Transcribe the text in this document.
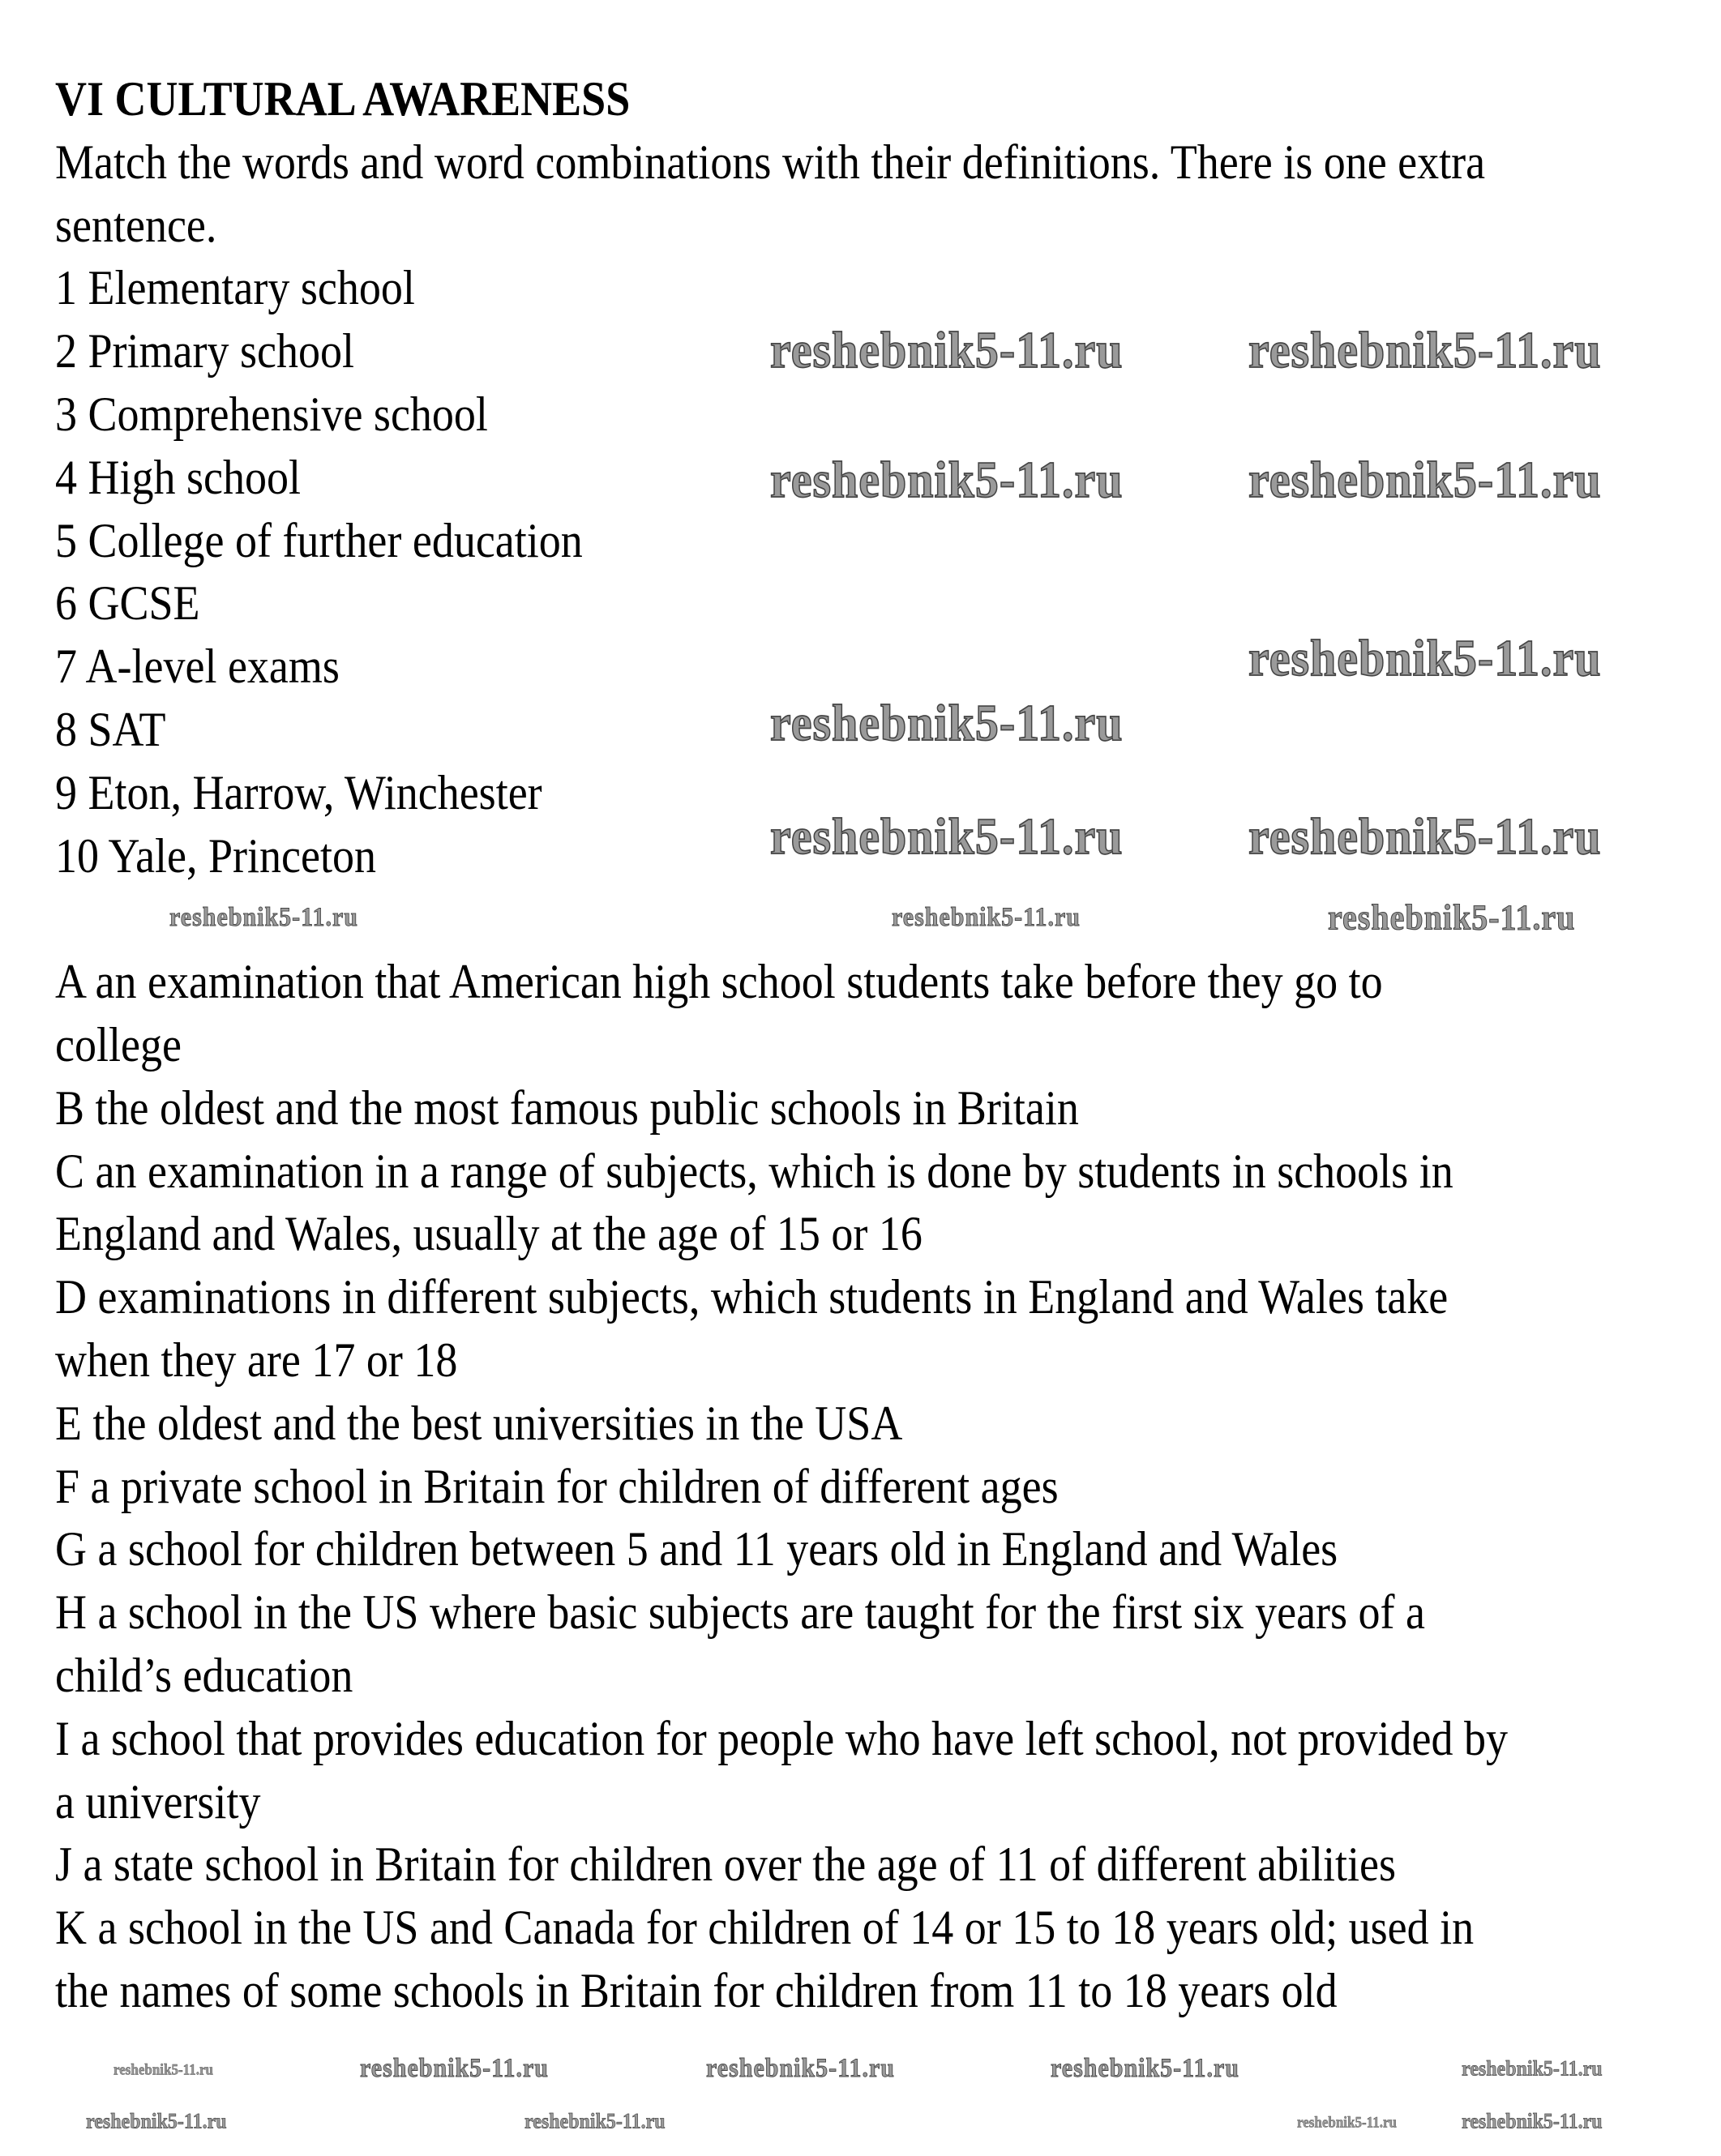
VI CULTURAL AWARENESS
Match the words and word combinations with their definitions. There is one extra
sentence.
1 Elementary school
2 Primary school
3 Comprehensive school
4 High school
5 College of further education
6 GCSE
7 A-level exams
8 SAT
9 Eton, Harrow, Winchester
10 Yale, Princeton
A an examination that American high school students take before they go to
college
B the oldest and the most famous public schools in Britain
C an examination in a range of subjects, which is done by students in schools in
England and Wales, usually at the age of 15 or 16
D examinations in different subjects, which students in England and Wales take
when they are 17 or 18
E the oldest and the best universities in the USA
F a private school in Britain for children of different ages
G a school for children between 5 and 11 years old in England and Wales
H a school in the US where basic subjects are taught for the first six years of a
child’s education
I a school that provides education for people who have left school, not provided by
a university
J a state school in Britain for children over the age of 11 of different abilities
K a school in the US and Canada for children of 14 or 15 to 18 years old; used in
the names of some schools in Britain for children from 11 to 18 years old
reshebnik5-11.ru	reshebnik5-11.ru
reshebnik5-11.ru	reshebnik5-11.ru
reshebnik5-11.ru
reshebnik5-11.ru
reshebnik5-11.ru	reshebnik5-11.ru
reshebnik5-11.ru
reshebnik5-11.ru	reshebnik5-11.ru
reshebnik5-11.ru	reshebnik5-11.ru	reshebnik5-11.ru
reshebnik5-11.ru
reshebnik5-11.ru	reshebnik5-11.ru
reshebnik5-11.ru
reshebnik5-11.ru
reshebnik5-11.ru
